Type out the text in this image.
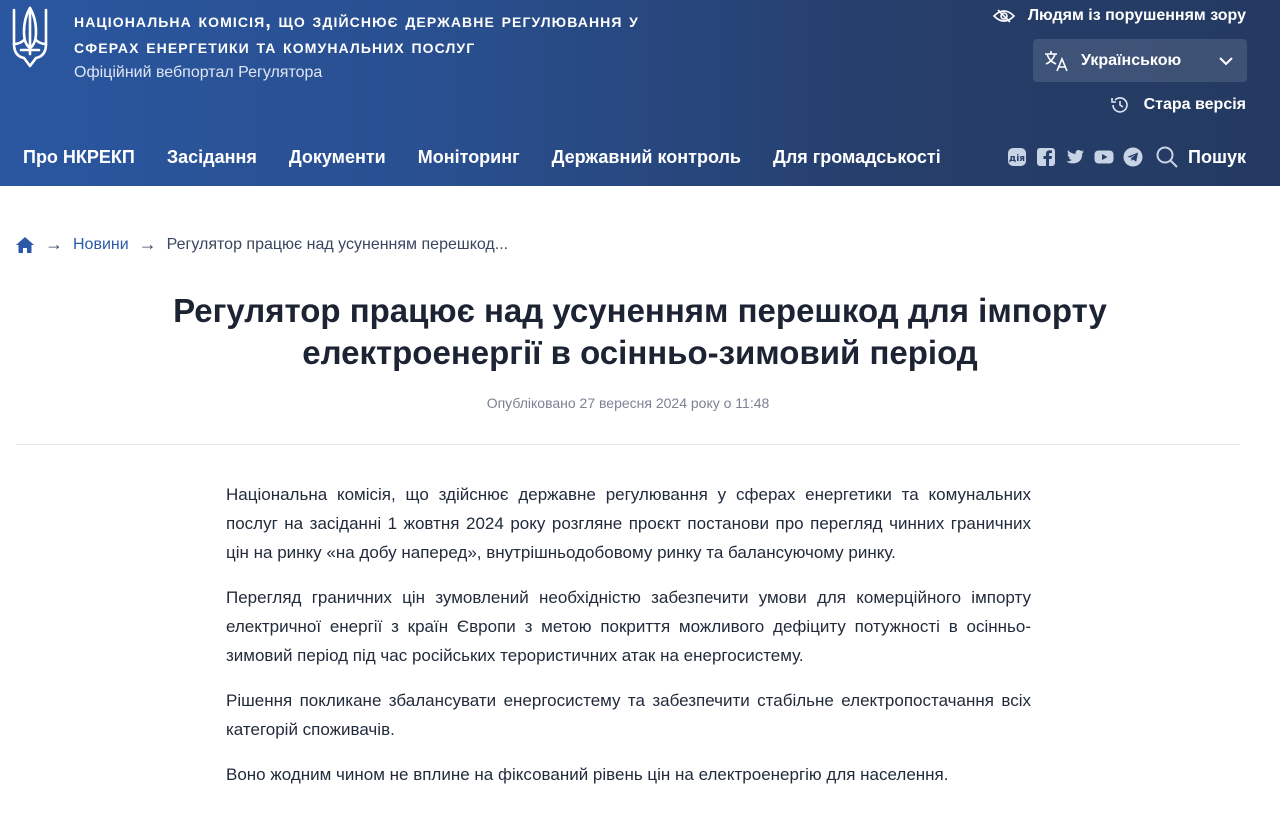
національна комісія, що здійснює державне регулювання у
сферах енергетики та комунальних послуг
Офіційний вебпортал Регулятора
Людям із порушенням зору
Українською
Стара версія
Про НКРЕКП Засідання Документи Моніторинг Державний контроль Для громадськості	дія	Пошук
→ Новини → Регулятор працює над усуненням перешкод...
Регулятор працює над усуненням перешкод для імпорту
електроенергії в осінньо-зимовий період
Опубліковано 27 вересня 2024 року о 11:48

Національна комісія, що здійснює державне регулювання у сферах енергетики та комунальних послуг на засіданні 1 жовтня 2024 року розгляне проєкт постанови про перегляд чинних граничних цін на ринку «на добу наперед», внутрішньодобовому ринку та балансуючому ринку.

Перегляд граничних цін зумовлений необхідністю забезпечити умови для комерційного імпорту електричної енергії з країн Європи з метою покриття можливого дефіциту потужності в осінньо-зимовий період під час російських терористичних атак на енергосистему.

Рішення покликане збалансувати енергосистему та забезпечити стабільне електропостачання всіх категорій споживачів.

Воно жодним чином не вплине на фіксований рівень цін на електроенергію для населення.
